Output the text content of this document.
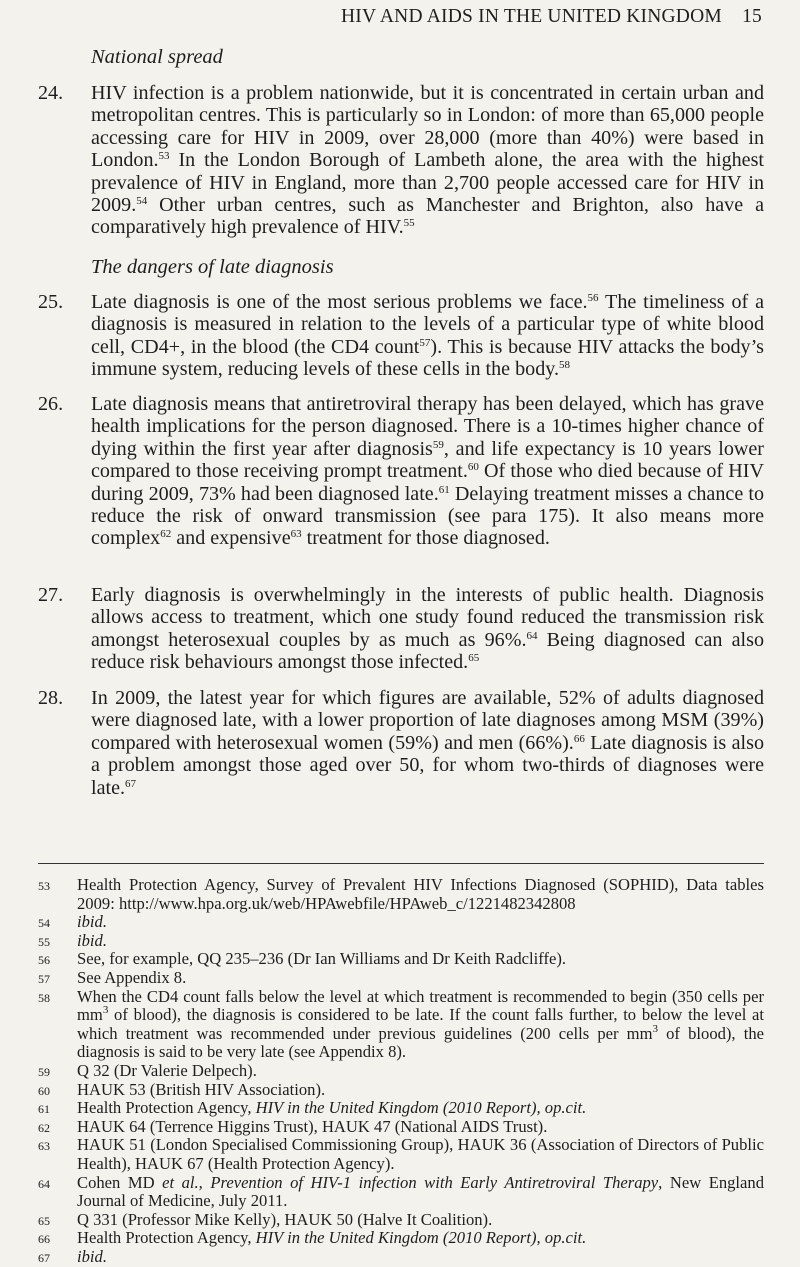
HIV AND AIDS IN THE UNITED KINGDOM 15
National spread
24.	HIV infection is a problem nationwide, but it is concentrated in certain urban and metropolitan centres. This is particularly so in London: of more than 65,000 people accessing care for HIV in 2009, over 28,000 (more than 40%) were based in London.$^{53}$ In the London Borough of Lambeth alone, the area with the highest prevalence of HIV in England, more than 2,700 people accessed care for HIV in 2009.54 Other urban centres, such as Manchester and Brighton, also have a comparatively high prevalence of HIV.$^{55}$
The dangers of late diagnosis
25.	Late diagnosis is one of the most serious problems we face.$^{56}$ The timeliness of a diagnosis is measured in relation to the levels of a particular type of white blood cell, CD4+, in the blood (the CD4 count$^{57}$). This is because HIV attacks the body’s immune system, reducing levels of these cells in the body.$^{58}$
26.	Late diagnosis means that antiretroviral therapy has been delayed, which has grave health implications for the person diagnosed. There is a 10-times higher chance of dying within the first year after diagnosis$^{59}$, and life expectancy is 10 years lower compared to those receiving prompt treatment.$^{60}$ Of those who died because of HIV during 2009, 73% had been diagnosed late.$^{61}$ Delaying treatment misses a chance to reduce the risk of onward transmission (see para 175). It also means more complex$^{62}$ and expensive$^{63}$ treatment for those diagnosed.
27.	Early diagnosis is overwhelmingly in the interests of public health. Diagnosis allows access to treatment, which one study found reduced the transmission risk amongst heterosexual couples by as much as 96%.$^{64}$ Being diagnosed can also reduce risk behaviours amongst those infected.$^{65}$
28.	In 2009, the latest year for which figures are available, 52% of adults diagnosed were diagnosed late, with a lower proportion of late diagnoses among MSM (39%) compared with heterosexual women (59%) and men (66%).$^{66}$ Late diagnosis is also a problem amongst those aged over 50, for whom two-thirds of diagnoses were late.$^{67}$
53 Health Protection Agency, Survey of Prevalent HIV Infections Diagnosed (SOPHID), Data tables 2009: http://www.hpa.org.uk/web/HPAwebfile/HPAweb_c/1221482342808
54 ibid.
55 ibid.
56 See, for example, QQ 235–236 (Dr Ian Williams and Dr Keith Radcliffe).
57 See Appendix 8.
58 When the CD4 count falls below the level at which treatment is recommended to begin (350 cells per $mm^3$ of blood), the diagnosis is considered to be late. If the count falls further, to below the level at which treatment was recommended under previous guidelines (200 cells per $mm^3$ of blood), the diagnosis is said to be very late (see Appendix 8).
59 Q 32 (Dr Valerie Delpech).
60 HAUK 53 (British HIV Association).
61 Health Protection Agency, HIV in the United Kingdom (2010 Report), op.cit.
62 HAUK 64 (Terrence Higgins Trust), HAUK 47 (National AIDS Trust).
63 HAUK 51 (London Specialised Commissioning Group), HAUK 36 (Association of Directors of Public Health), HAUK 67 (Health Protection Agency).
64 Cohen MD et al., Prevention of HIV-1 infection with Early Antiretroviral Therapy, New England Journal of Medicine, July 2011.
65 Q 331 (Professor Mike Kelly), HAUK 50 (Halve It Coalition).
66 Health Protection Agency, HIV in the United Kingdom (2010 Report), op.cit.
67 ibid.
